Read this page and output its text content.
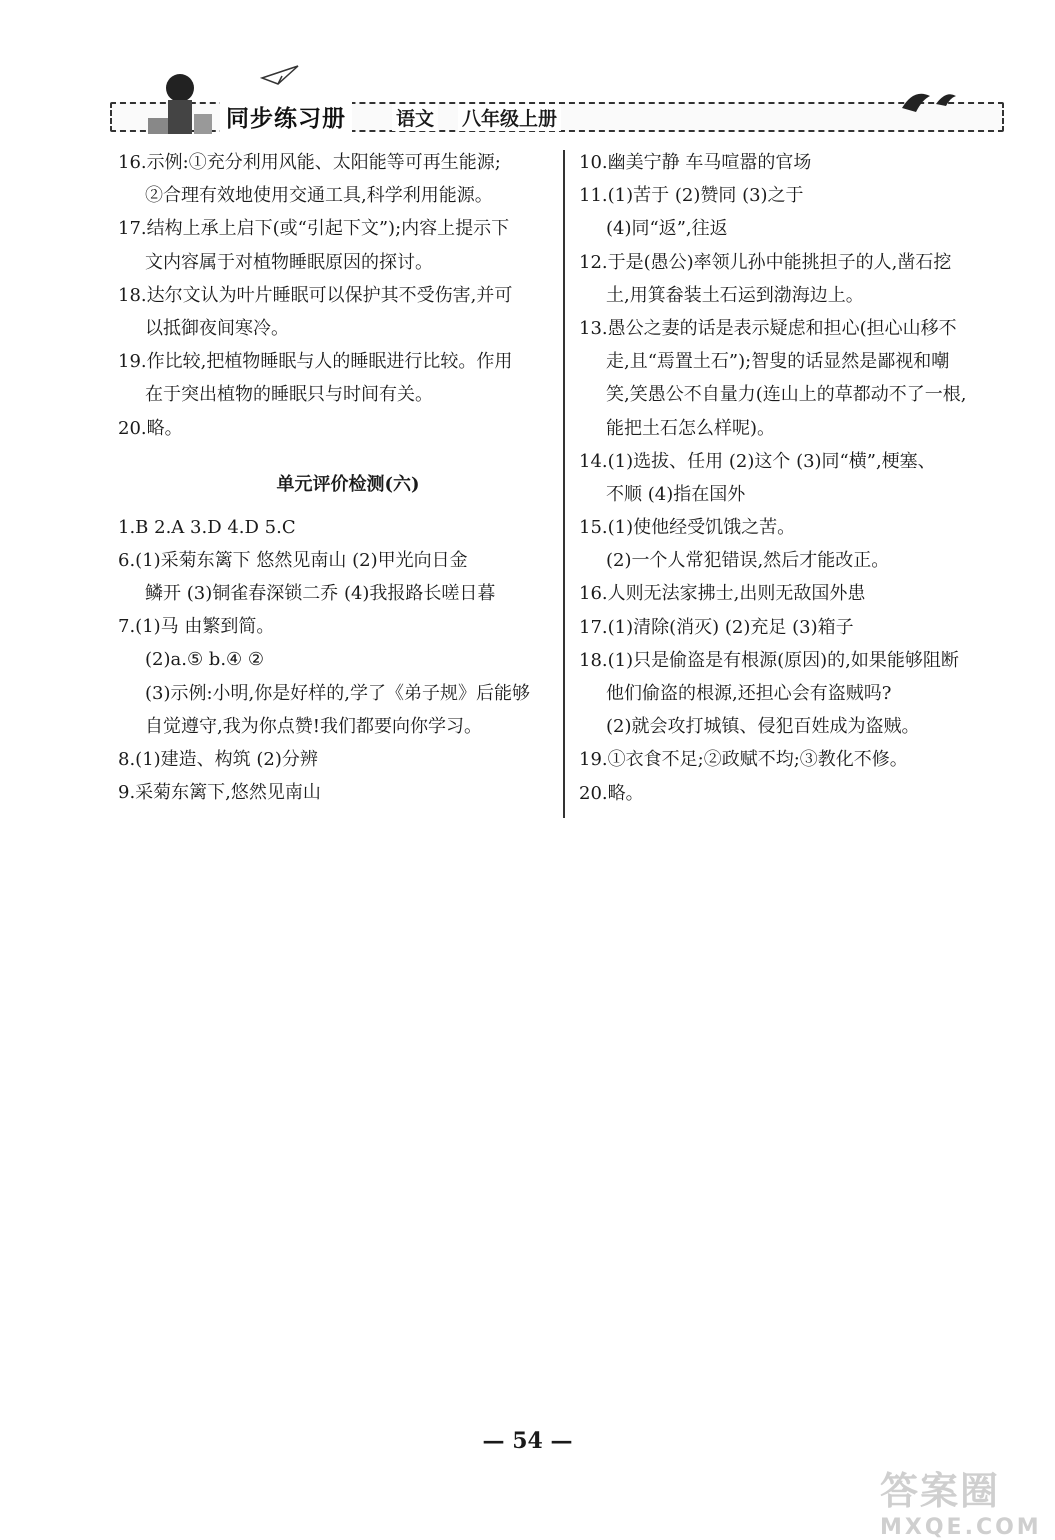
同步练习册	语文 八年级上册
16.示例:①充分利用风能、太阳能等可再生能源;
②合理有效地使用交通工具,科学利用能源。
17.结构上承上启下(或“引起下文”);内容上提示下
文内容属于对植物睡眠原因的探讨。
18.达尔文认为叶片睡眠可以保护其不受伤害,并可
以抵御夜间寒冷。
19.作比较,把植物睡眠与人的睡眠进行比较。作用
在于突出植物的睡眠只与时间有关。
20.略。
单元评价检测(六)
1.B 2.A 3.D 4.D 5.C
6.(1)采菊东篱下 悠然见南山 (2)甲光向日金
鳞开 (3)铜雀春深锁二乔 (4)我报路长嗟日暮
7.(1)马 由繁到简。
(2)a.⑤ b.④ ②
(3)示例:小明,你是好样的,学了《弟子规》后能够
自觉遵守,我为你点赞!我们都要向你学习。
8.(1)建造、构筑 (2)分辨
9.采菊东篱下,悠然见南山
10.幽美宁静 车马喧嚣的官场
11.(1)苦于 (2)赞同 (3)之于
(4)同“返”,往返
12.于是(愚公)率领儿孙中能挑担子的人,凿石挖
土,用箕畚装土石运到渤海边上。
13.愚公之妻的话是表示疑虑和担心(担心山移不
走,且“焉置土石”);智叟的话显然是鄙视和嘲
笑,笑愚公不自量力(连山上的草都动不了一根,
能把土石怎么样呢)。
14.(1)选拔、任用 (2)这个 (3)同“横”,梗塞、
不顺 (4)指在国外
15.(1)使他经受饥饿之苦。
(2)一个人常犯错误,然后才能改正。
16.人则无法家拂士,出则无敌国外患
17.(1)清除(消灭) (2)充足 (3)箱子
18.(1)只是偷盗是有根源(原因)的,如果能够阻断
他们偷盗的根源,还担心会有盗贼吗?
(2)就会攻打城镇、侵犯百姓成为盗贼。
19.①衣食不足;②政赋不均;③教化不修。
20.略。
— 54 —
答案圈
MXQE.COM
